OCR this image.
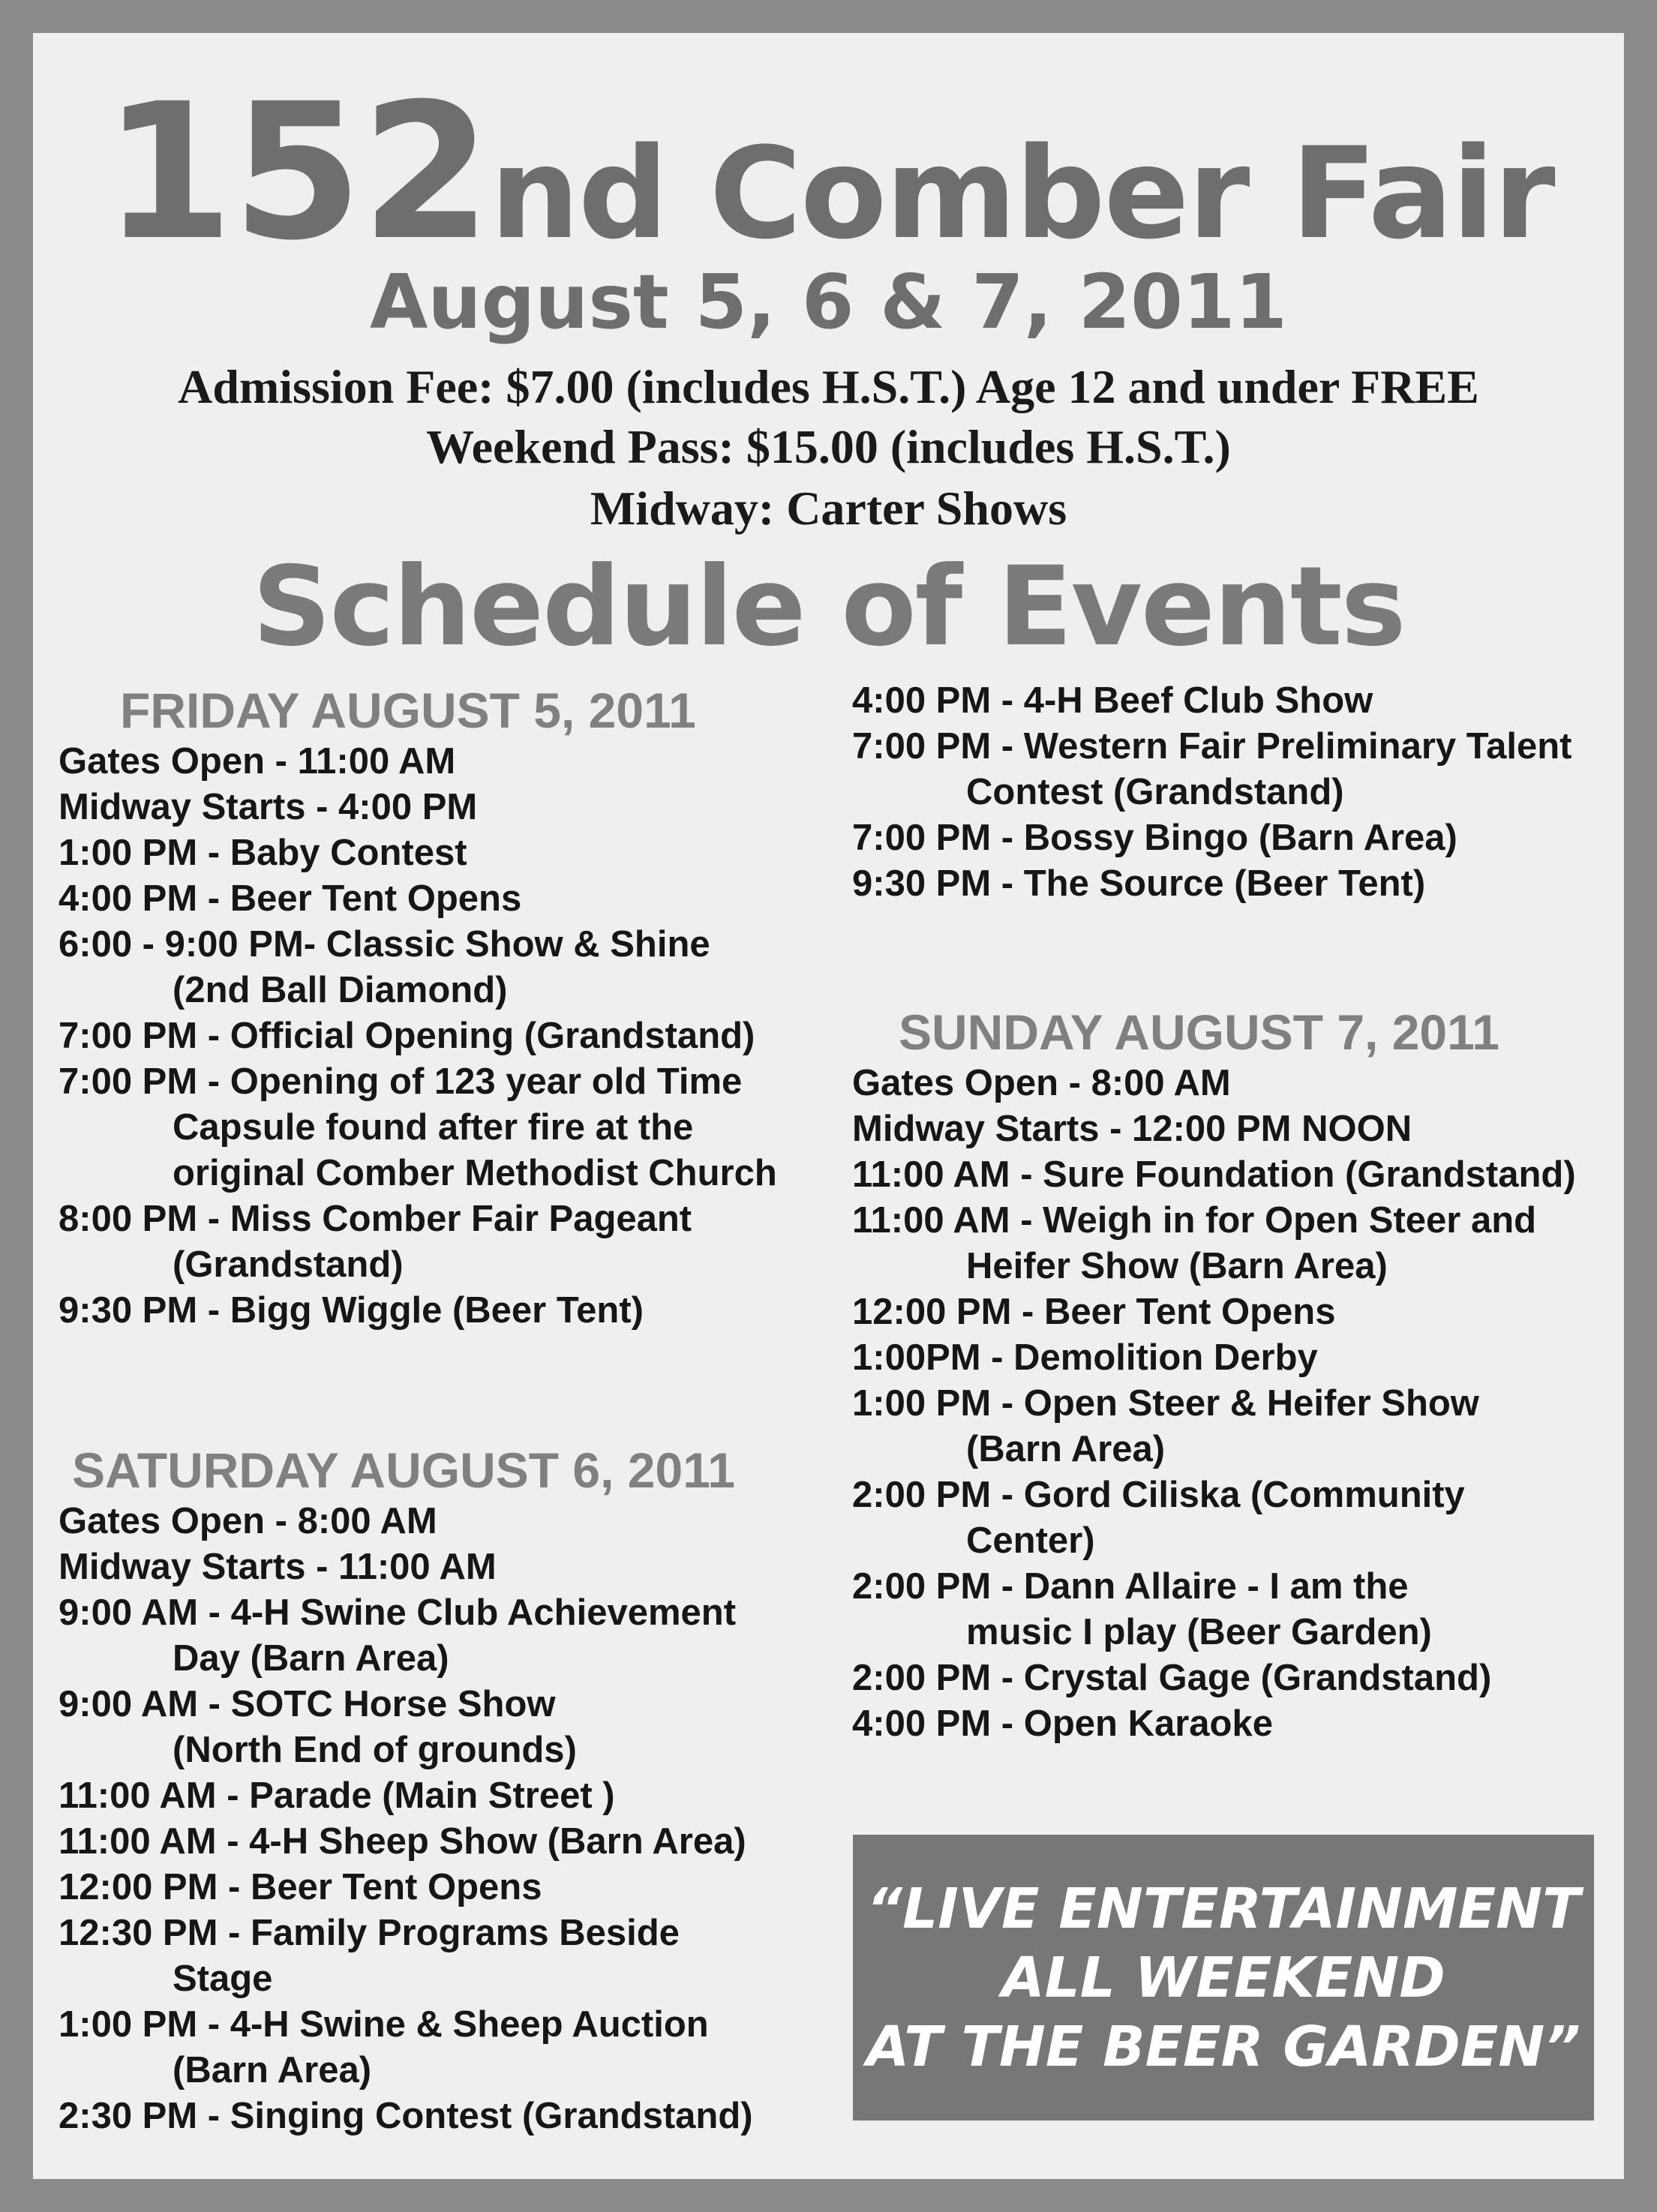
152nd Comber Fair
August 5, 6 & 7, 2011
Admission Fee: $7.00 (includes H.S.T.) Age 12 and under FREE
Weekend Pass: $15.00 (includes H.S.T.)
Midway: Carter Shows
Schedule of Events
FRIDAY AUGUST 5, 2011
Gates Open - 11:00 AM
Midway Starts - 4:00 PM
1:00 PM - Baby Contest
4:00 PM - Beer Tent Opens
6:00 - 9:00 PM- Classic Show & Shine
(2nd Ball Diamond)
7:00 PM - Official Opening (Grandstand)
7:00 PM - Opening of 123 year old Time
Capsule found after fire at the
original Comber Methodist Church
8:00 PM - Miss Comber Fair Pageant
(Grandstand)
9:30 PM - Bigg Wiggle (Beer Tent)
SATURDAY AUGUST 6, 2011
Gates Open - 8:00 AM
Midway Starts - 11:00 AM
9:00 AM - 4-H Swine Club Achievement
Day (Barn Area)
9:00 AM - SOTC Horse Show
(North End of grounds)
11:00 AM - Parade (Main Street )
11:00 AM - 4-H Sheep Show (Barn Area)
12:00 PM - Beer Tent Opens
12:30 PM - Family Programs Beside
Stage
1:00 PM - 4-H Swine & Sheep Auction
(Barn Area)
2:30 PM - Singing Contest (Grandstand)
4:00 PM - 4-H Beef Club Show
7:00 PM - Western Fair Preliminary Talent
Contest (Grandstand)
7:00 PM - Bossy Bingo (Barn Area)
9:30 PM - The Source (Beer Tent)
SUNDAY AUGUST 7, 2011
Gates Open - 8:00 AM
Midway Starts - 12:00 PM NOON
11:00 AM - Sure Foundation (Grandstand)
11:00 AM - Weigh in for Open Steer and
Heifer Show (Barn Area)
12:00 PM - Beer Tent Opens
1:00PM - Demolition Derby
1:00 PM - Open Steer & Heifer Show
(Barn Area)
2:00 PM - Gord Ciliska (Community
Center)
2:00 PM - Dann Allaire - I am the
music I play (Beer Garden)
2:00 PM - Crystal Gage (Grandstand)
4:00 PM - Open Karaoke
“LIVE ENTERTAINMENT
ALL WEEKEND
AT THE BEER GARDEN”
